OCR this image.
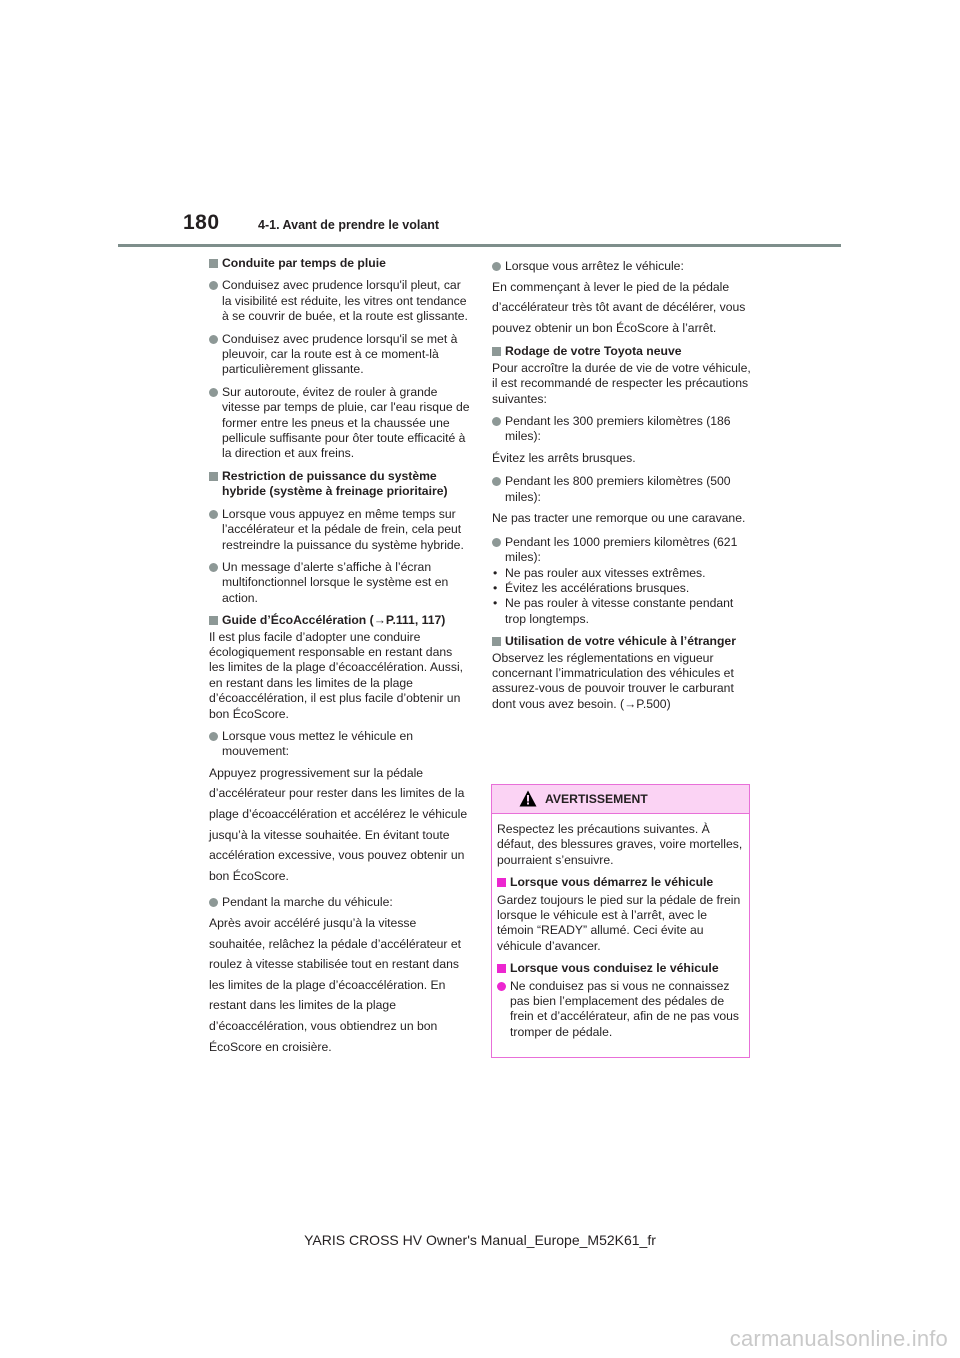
180	4-1. Avant de prendre le volant
Conduite par temps de pluie
Conduisez avec prudence lorsqu'il pleut, car la visibilité est réduite, les vitres ont tendance à se couvrir de buée, et la route est glissante.
Conduisez avec prudence lorsqu'il se met à pleuvoir, car la route est à ce moment-là particulièrement glissante.
Sur autoroute, évitez de rouler à grande vitesse par temps de pluie, car l'eau risque de former entre les pneus et la chaussée une pellicule suffisante pour ôter toute efficacité à la direction et aux freins.
Restriction de puissance du système hybride (système à freinage prioritaire)
Lorsque vous appuyez en même temps sur l’accélérateur et la pédale de frein, cela peut restreindre la puissance du système hybride.
Un message d’alerte s’affiche à l’écran multifonctionnel lorsque le système est en action.
Guide d’ÉcoAccélération (→P.111, 117)
Il est plus facile d’adopter une conduire écologiquement responsable en restant dans les limites de la plage d’écoaccélération. Aussi, en restant dans les limites de la plage d’écoaccélération, il est plus facile d’obtenir un bon ÉcoScore.
Lorsque vous mettez le véhicule en mouvement:
Appuyez progressivement sur la pédale d’accélérateur pour rester dans les limites de la plage d’écoaccélération et accélérez le véhicule jusqu’à la vitesse souhaitée. En évitant toute accélération excessive, vous pouvez obtenir un bon ÉcoScore.
Pendant la marche du véhicule:
Après avoir accéléré jusqu’à la vitesse souhaitée, relâchez la pédale d’accélérateur et roulez à vitesse stabilisée tout en restant dans les limites de la plage d’écoaccélération. En restant dans les limites de la plage d’écoaccélération, vous obtiendrez un bon ÉcoScore en croisière.
Lorsque vous arrêtez le véhicule:
En commençant à lever le pied de la pédale d’accélérateur très tôt avant de décélérer, vous pouvez obtenir un bon ÉcoScore à l’arrêt.
Rodage de votre Toyota neuve
Pour accroître la durée de vie de votre véhicule, il est recommandé de respecter les précautions suivantes:
Pendant les 300 premiers kilomètres (186 miles):
Évitez les arrêts brusques.
Pendant les 800 premiers kilomètres (500 miles):
Ne pas tracter une remorque ou une caravane.
Pendant les 1000 premiers kilomètres (621 miles):
• Ne pas rouler aux vitesses extrêmes.
• Évitez les accélérations brusques.
• Ne pas rouler à vitesse constante pendant trop longtemps.
Utilisation de votre véhicule à l’étranger
Observez les réglementations en vigueur concernant l’immatriculation des véhicules et assurez-vous de pouvoir trouver le carburant dont vous avez besoin. (→P.500)
AVERTISSEMENT
Respectez les précautions suivantes. À défaut, des blessures graves, voire mortelles, pourraient s’ensuivre.
Lorsque vous démarrez le véhicule
Gardez toujours le pied sur la pédale de frein lorsque le véhicule est à l’arrêt, avec le témoin “READY” allumé. Ceci évite au véhicule d’avancer.
Lorsque vous conduisez le véhicule
Ne conduisez pas si vous ne connaissez pas bien l’emplacement des pédales de frein et d’accélérateur, afin de ne pas vous tromper de pédale.
YARIS CROSS HV Owner's Manual_Europe_M52K61_fr
carmanualsonline.info
